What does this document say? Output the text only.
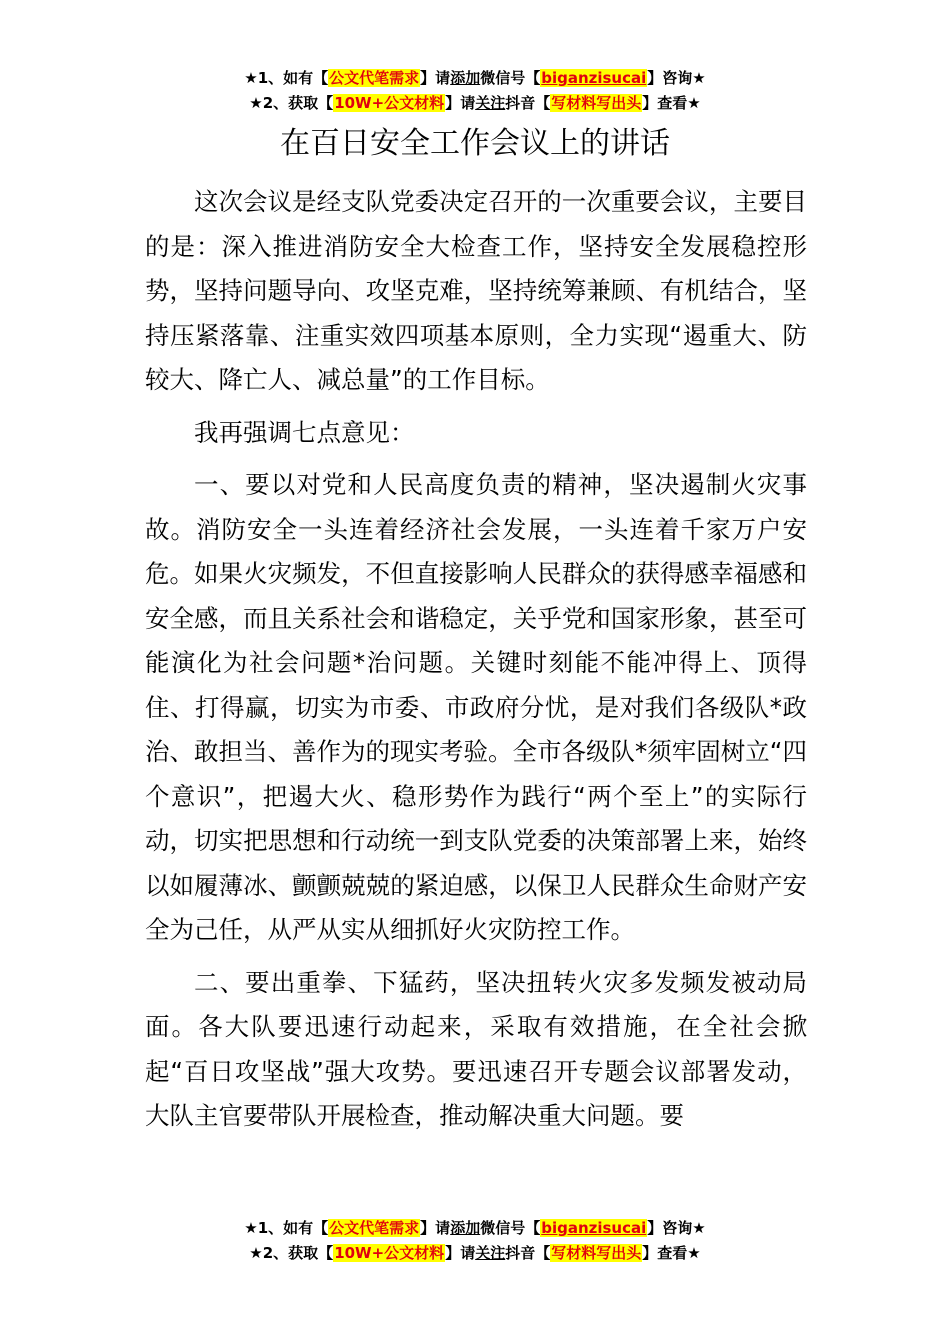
★1、如有【公文代笔需求】请添加微信号【biganzisucai】咨询★
★2、获取【10W+公文材料】请关注抖音【写材料写出头】查看★
在百日安全工作会议上的讲话

这次会议是经支队党委决定召开的一次重要会议，主要目的是：深入推进消防安全大检查工作，坚持安全发展稳控形势，坚持问题导向、攻坚克难，坚持统筹兼顾、有机结合，坚持压紧落靠、注重实效四项基本原则，全力实现“遏重大、防较大、降亡人、减总量”的工作目标。

我再强调七点意见：

一、要以对党和人民高度负责的精神，坚决遏制火灾事故。消防安全一头连着经济社会发展，一头连着千家万户安危。如果火灾频发，不但直接影响人民群众的获得感幸福感和安全感，而且关系社会和谐稳定，关乎党和国家形象，甚至可能演化为社会问题*治问题。关键时刻能不能冲得上、顶得住、打得赢，切实为市委、市政府分忧，是对我们各级队*政治、敢担当、善作为的现实考验。全市各级队*须牢固树立“四个意识”，把遏大火、稳形势作为践行“两个至上”的实际行动，切实把思想和行动统一到支队党委的决策部署上来，始终以如履薄冰、颤颤兢兢的紧迫感，以保卫人民群众生命财产安全为己任，从严从实从细抓好火灾防控工作。

二、要出重拳、下猛药，坚决扭转火灾多发频发被动局面。各大队要迅速行动起来，采取有效措施，在全社会掀起“百日攻坚战”强大攻势。要迅速召开专题会议部署发动，大队主官要带队开展检查，推动解决重大问题。要

★1、如有【公文代笔需求】请添加微信号【biganzisucai】咨询★
★2、获取【10W+公文材料】请关注抖音【写材料写出头】查看★
